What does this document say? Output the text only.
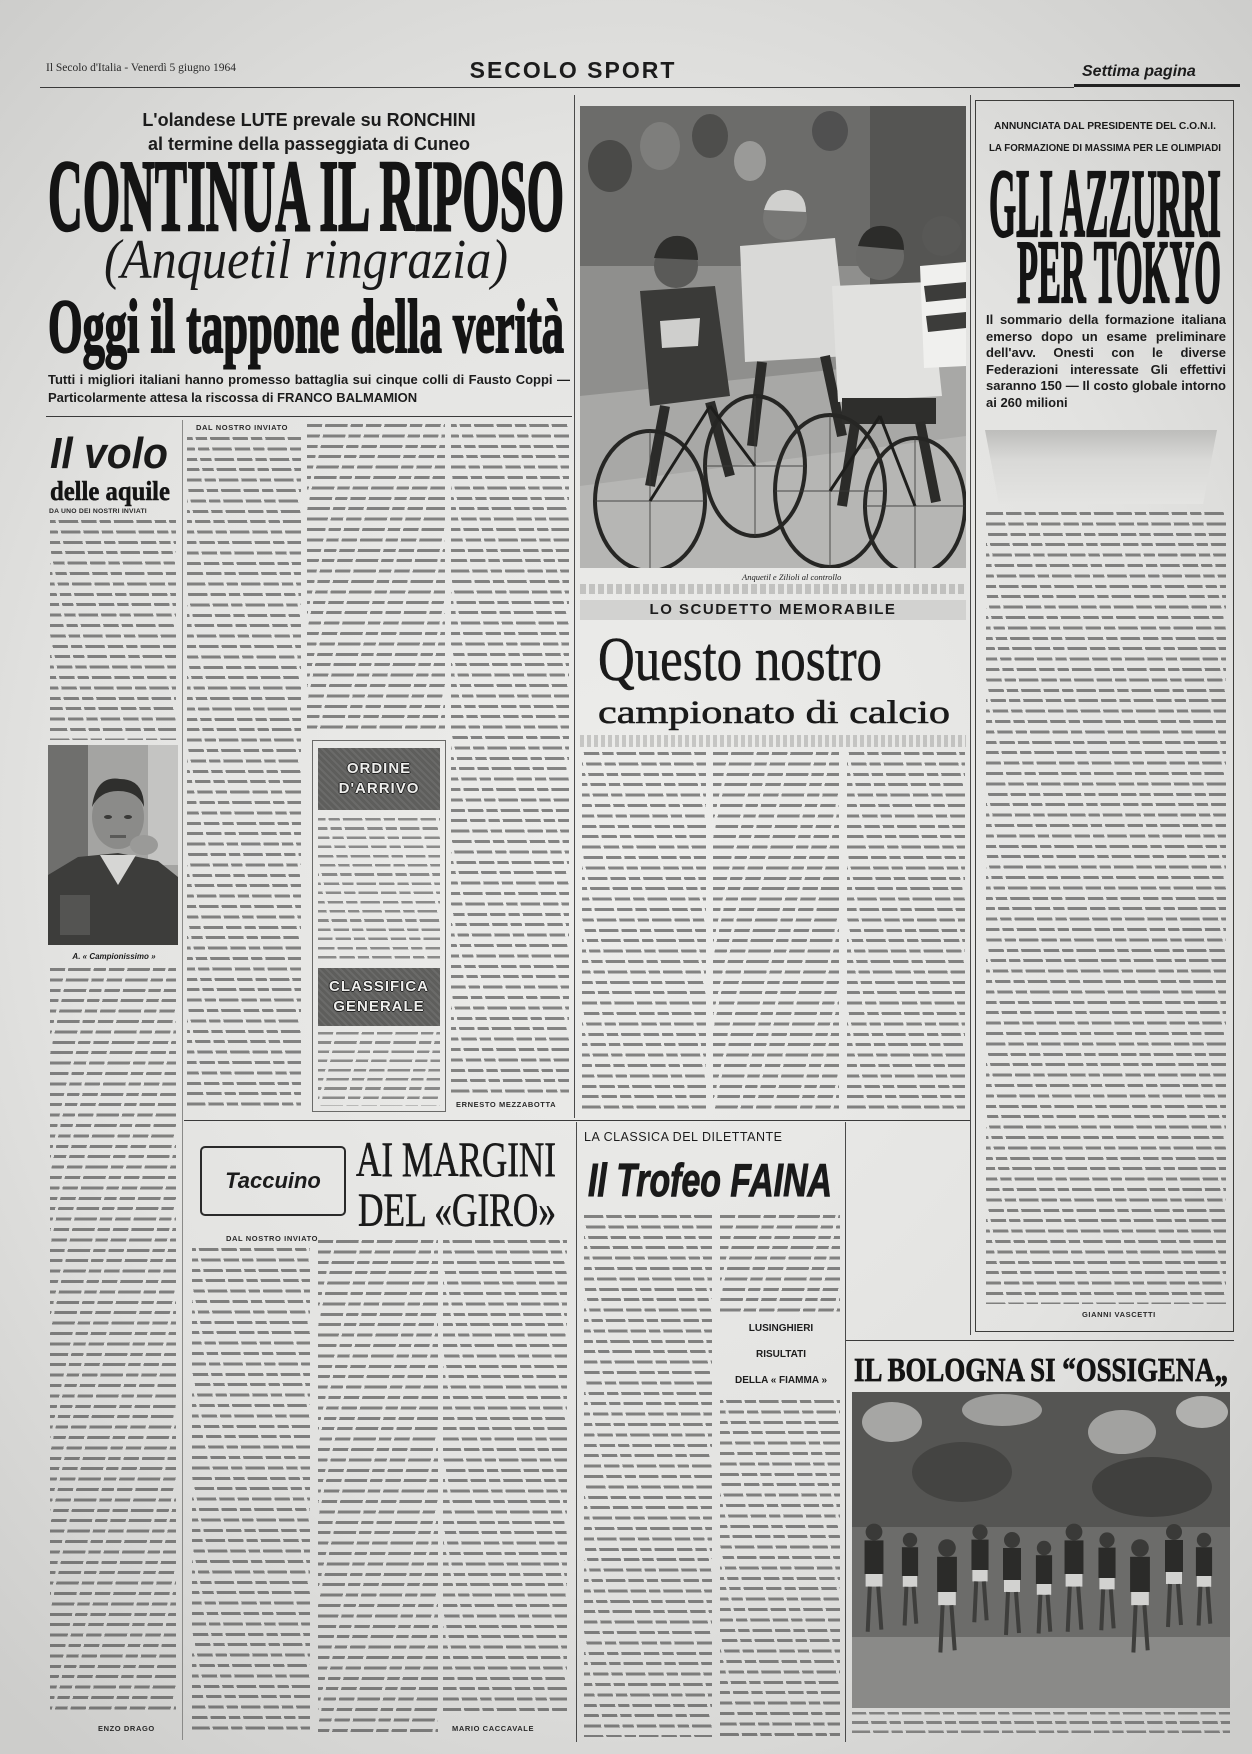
Il Secolo d'Italia - Venerdì 5 giugno 1964	SECOLO SPORT	Settima pagina
L'olandese LUTE prevale su RONCHINI
al termine della passeggiata di Cuneo
CONTINUA IL RIPOSO
(Anquetil ringrazia)
Oggi il tappone della verità
Tutti i migliori italiani hanno promesso battaglia sui cinque colli di Fausto Coppi — Particolarmente attesa la riscossa di FRANCO BALMAMION
Il volo
delle aquile
DA UNO DEI NOSTRI INVIATI
A. « Campionissimo »
ENZO DRAGO
DAL NOSTRO INVIATO
ERNESTO MEZZABOTTA
ORDINE
D'ARRIVO
CLASSIFICA
GENERALE
Anquetil e Zilioli al controllo
LO SCUDETTO MEMORABILE
Questo nostro
campionato di calcio
ANNUNCIATA DAL PRESIDENTE DEL C.O.N.I.
LA FORMAZIONE DI MASSIMA PER LE OLIMPIADI
GLI AZZURRI
PER TOKYO
Il sommario della formazione italiana emerso dopo un esame preliminare dell'avv. Onesti con le diverse Federazioni interessate Gli effettivi saranno 150 — Il costo globale intorno ai 260 milioni
GIANNI VASCETTI
Taccuino AI MARGINI
DEL «GIRO»
DAL NOSTRO INVIATO
MARIO CACCAVALE
LA CLASSICA DEL DILETTANTE
Il Trofeo FAINA
LUSINGHIERI
RISULTATI
DELLA « FIAMMA » IL BOLOGNA SI “OSSIGENA„
